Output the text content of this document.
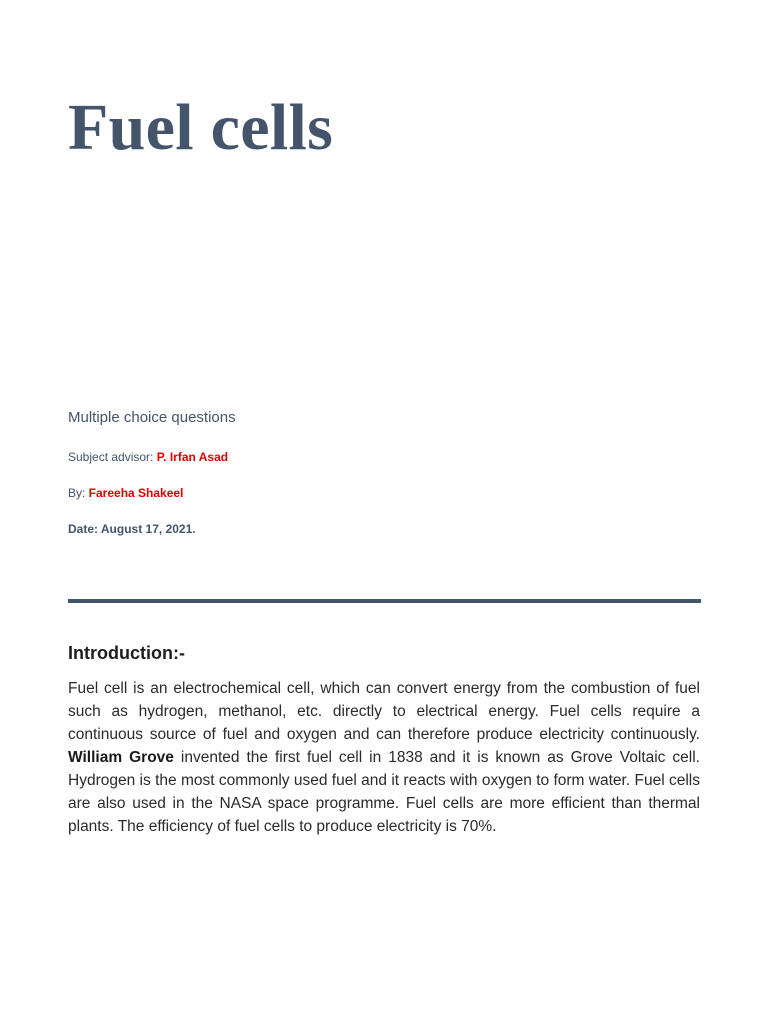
Fuel cells

Multiple choice questions

Subject advisor: P. Irfan Asad

By: Fareeha Shakeel

Date: August 17, 2021.

Introduction:-

Fuel cell is an electrochemical cell, which can convert energy from the combustion of fuel such as hydrogen, methanol, etc. directly to electrical energy. Fuel cells require a continuous source of fuel and oxygen and can therefore produce electricity continuously. William Grove invented the first fuel cell in 1838 and it is known as Grove Voltaic cell. Hydrogen is the most commonly used fuel and it reacts with oxygen to form water. Fuel cells are also used in the NASA space programme. Fuel cells are more efficient than thermal plants. The efficiency of fuel cells to produce electricity is 70%.
